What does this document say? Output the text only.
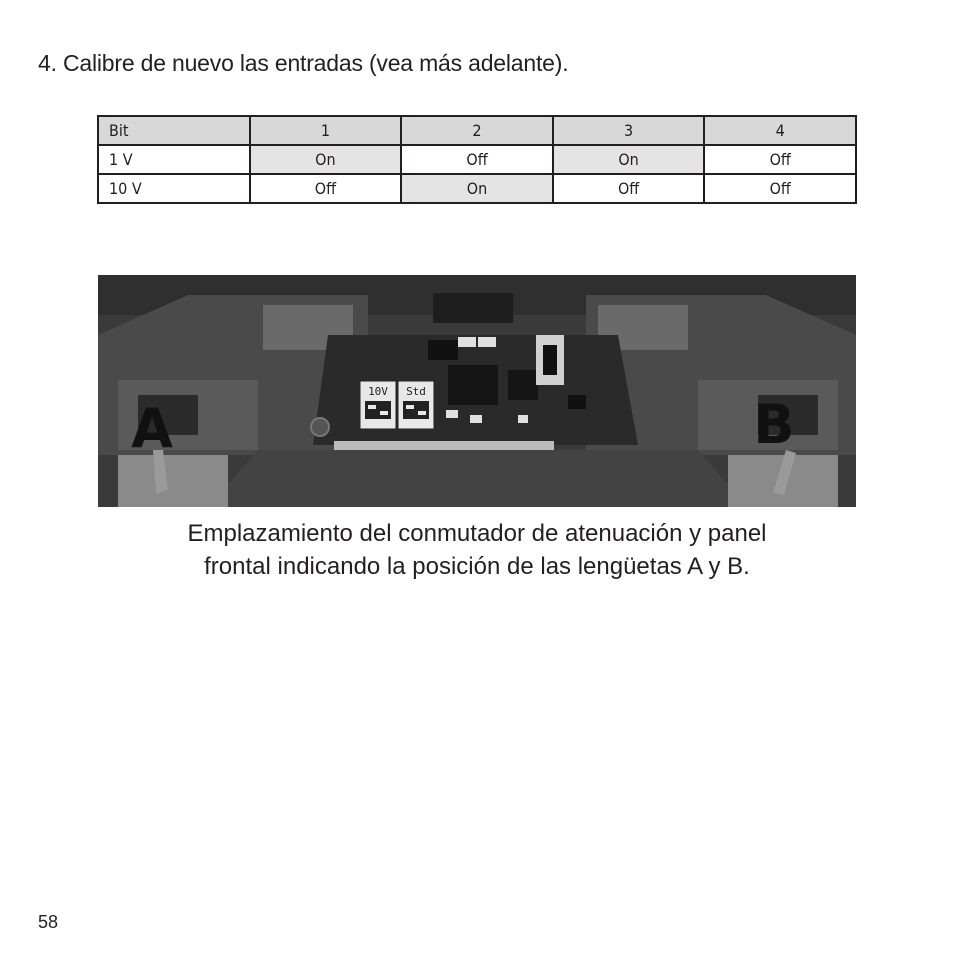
4. Calibre de nuevo las entradas (vea más adelante).
Bit	1	2	3	4
1 V	On	Off	On	Off
10 V	Off	On	Off	Off
10V Std
A	B
Emplazamiento del conmutador de atenuación y panel
frontal indicando la posición de las lengüetas A y B.
58
